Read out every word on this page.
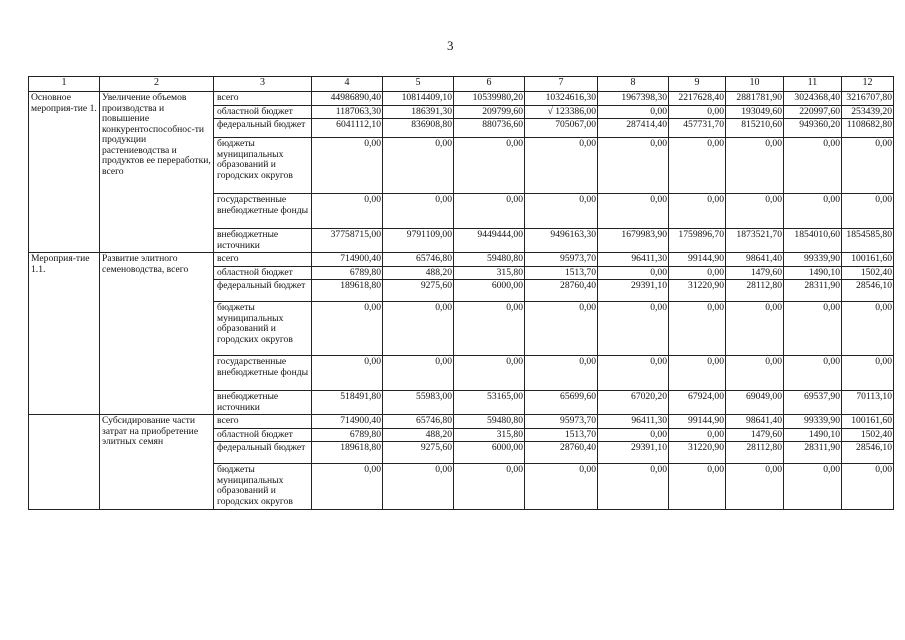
3
1	2	3	4	5	6	7	8	9	10	11	12
Основное мероприя-тие 1.	Увеличение объемов производства и повышение конкурентоспособнос-ти продукции растениеводства и продуктов ее переработки, всего	всего	44986890,40	10814409,10	10539980,20	10324616,30	1967398,30	2217628,40	2881781,90	3024368,40	3216707,80
		областной бюджет	1187063,30	186391,30	209799,60	√ 123386,00	0,00	0,00	193049,60	220997,60	253439,20
		федеральный бюджет	6041112,10	836908,80	880736,60	705067,00	287414,40	457731,70	815210,60	949360,20	1108682,80
		бюджеты муниципальных образований и городских округов	0,00	0,00	0,00	0,00	0,00	0,00	0,00	0,00	0,00
		государственные внебюджетные фонды	0,00	0,00	0,00	0,00	0,00	0,00	0,00	0,00	0,00
		внебюджетные источники	37758715,00	9791109,00	9449444,00	9496163,30	1679983,90	1759896,70	1873521,70	1854010,60	1854585,80
Мероприя-тие 1.1.	Развитие элитного семеноводства, всего	всего	714900,40	65746,80	59480,80	95973,70	96411,30	99144,90	98641,40	99339,90	100161,60
		областной бюджет	6789,80	488,20	315,80	1513,70	0,00	0,00	1479,60	1490,10	1502,40
		федеральный бюджет	189618,80	9275,60	6000,00	28760,40	29391,10	31220,90	28112,80	28311,90	28546,10
		бюджеты муниципальных образований и городских округов	0,00	0,00	0,00	0,00	0,00	0,00	0,00	0,00	0,00
		государственные внебюджетные фонды	0,00	0,00	0,00	0,00	0,00	0,00	0,00	0,00	0,00
		внебюджетные источники	518491,80	55983,00	53165,00	65699,60	67020,20	67924,00	69049,00	69537,90	70113,10
	Субсидирование части затрат на приобретение элитных семян	всего	714900,40	65746,80	59480,80	95973,70	96411,30	99144,90	98641,40	99339,90	100161,60
		областной бюджет	6789,80	488,20	315,80	1513,70	0,00	0,00	1479,60	1490,10	1502,40
		федеральный бюджет	189618,80	9275,60	6000,00	28760,40	29391,10	31220,90	28112,80	28311,90	28546,10
		бюджеты муниципальных образований и городских округов	0,00	0,00	0,00	0,00	0,00	0,00	0,00	0,00	0,00
